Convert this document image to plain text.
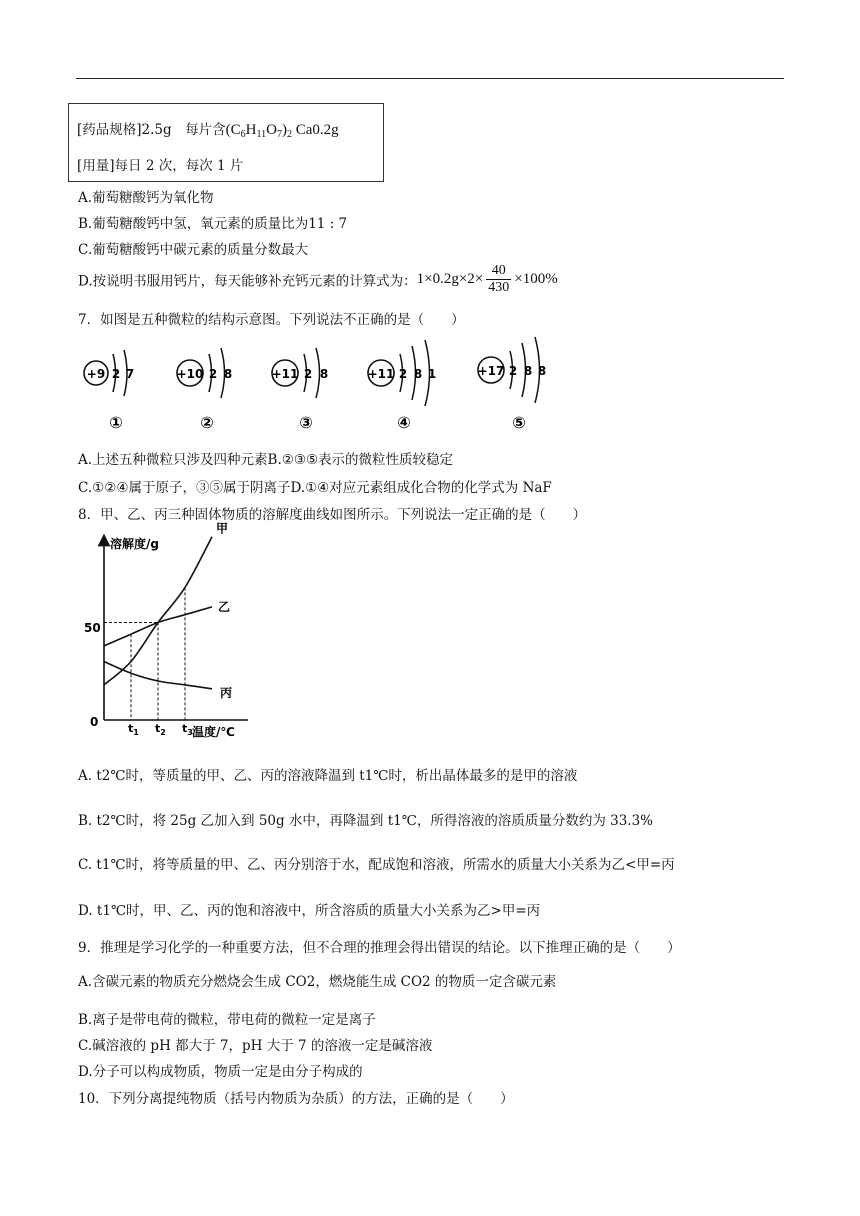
[药品规格]2.5g　每片含$(C_6H_{11}O_7)_2$ Ca0.2g
[用量]每日 2 次，每次 1 片
A.葡萄糖酸钙为氧化物
B.葡萄糖酸钙中氢，氧元素的质量比为11 : 7
C.葡萄糖酸钙中碳元素的质量分数最大
D.按说明书服用钙片，每天能够补充钙元素的计算式为：$1\times 0.2g\times 2\times \frac{40}{430} \times 100\%$
7．如图是五种微粒的结构示意图。下列说法不正确的是（　　）
+9 2 7
①
+10 2 8
②
+11 2 8
③
+11 2 8 1
④
+17 2 8 8
⑤
A.上述五种微粒只涉及四种元素B.②③⑤表示的微粒性质较稳定
C.①②④属于原子，③⑤属于阴离子D.①④对应元素组成化合物的化学式为 NaF
8．甲、乙、丙三种固体物质的溶解度曲线如图所示。下列说法一定正确的是（　　）
溶解度/g
温度/℃
0
50
$t_1$ $t_2$ $t_3$
甲
乙
丙
A. t2℃时，等质量的甲、乙、丙的溶液降温到 t1℃时，析出晶体最多的是甲的溶液
B. t2℃时，将 25g 乙加入到 50g 水中，再降温到 t1℃，所得溶液的溶质质量分数约为 33.3%
C. t1℃时，将等质量的甲、乙、丙分别溶于水，配成饱和溶液，所需水的质量大小关系为乙<甲=丙
D. t1℃时，甲、乙、丙的饱和溶液中，所含溶质的质量大小关系为乙>甲=丙
9．推理是学习化学的一种重要方法，但不合理的推理会得出错误的结论。以下推理正确的是（　　）
A.含碳元素的物质充分燃烧会生成 CO2，燃烧能生成 CO2 的物质一定含碳元素
B.离子是带电荷的微粒，带电荷的微粒一定是离子
C.碱溶液的 pH 都大于 7，pH 大于 7 的溶液一定是碱溶液
D.分子可以构成物质，物质一定是由分子构成的
10．下列分离提纯物质（括号内物质为杂质）的方法，正确的是（　　）
